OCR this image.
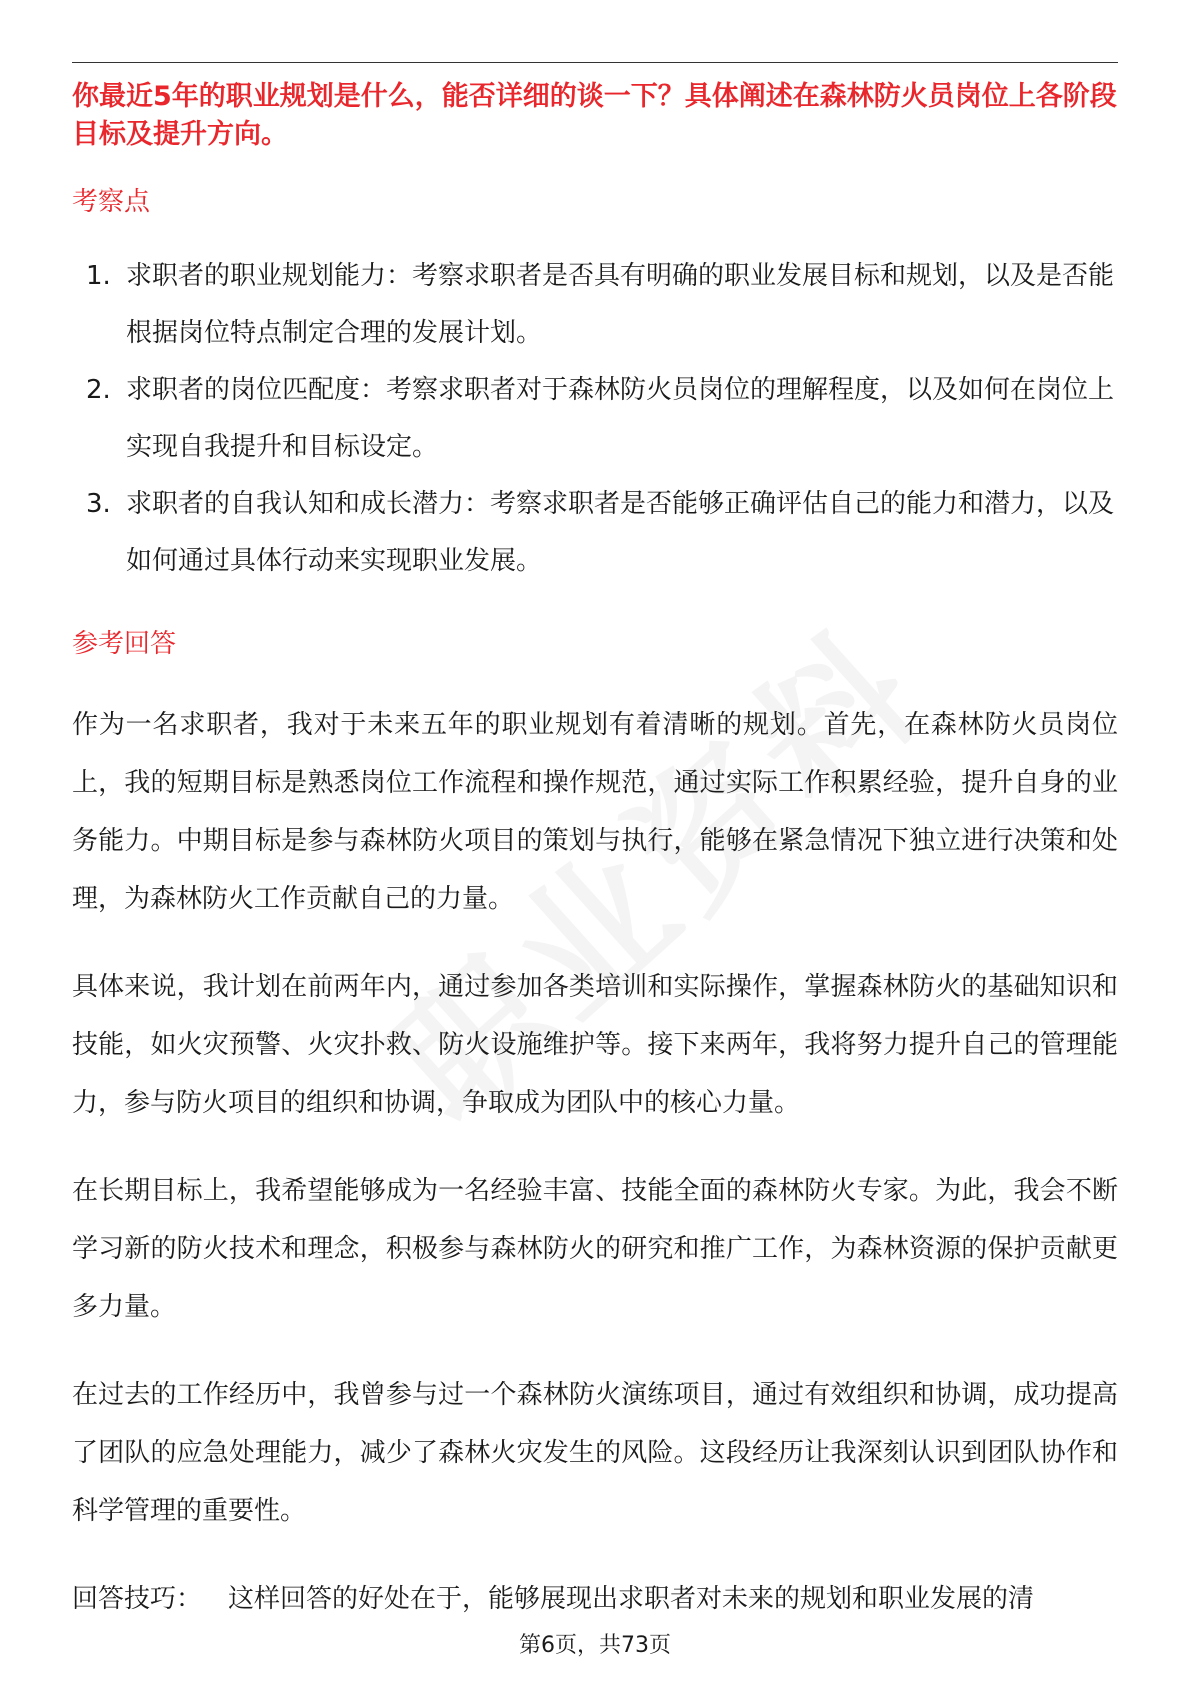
你最近5年的职业规划是什么，能否详细的谈一下？具体阐述在森林防火员岗位上各阶段目标及提升方向。

考察点

1. 求职者的职业规划能力：考察求职者是否具有明确的职业发展目标和规划，以及是否能根据岗位特点制定合理的发展计划。
2. 求职者的岗位匹配度：考察求职者对于森林防火员岗位的理解程度，以及如何在岗位上实现自我提升和目标设定。
3. 求职者的自我认知和成长潜力：考察求职者是否能够正确评估自己的能力和潜力，以及如何通过具体行动来实现职业发展。

参考回答

作为一名求职者，我对于未来五年的职业规划有着清晰的规划。首先，在森林防火员岗位上，我的短期目标是熟悉岗位工作流程和操作规范，通过实际工作积累经验，提升自身的业务能力。中期目标是参与森林防火项目的策划与执行，能够在紧急情况下独立进行决策和处理，为森林防火工作贡献自己的力量。

具体来说，我计划在前两年内，通过参加各类培训和实际操作，掌握森林防火的基础知识和技能，如火灾预警、火灾扑救、防火设施维护等。接下来两年，我将努力提升自己的管理能力，参与防火项目的组织和协调，争取成为团队中的核心力量。

在长期目标上，我希望能够成为一名经验丰富、技能全面的森林防火专家。为此，我会不断学习新的防火技术和理念，积极参与森林防火的研究和推广工作，为森林资源的保护贡献更多力量。

在过去的工作经历中，我曾参与过一个森林防火演练项目，通过有效组织和协调，成功提高了团队的应急处理能力，减少了森林火灾发生的风险。这段经历让我深刻认识到团队协作和科学管理的重要性。

回答技巧： 这样回答的好处在于，能够展现出求职者对未来的规划和职业发展的清

第6页，共73页
